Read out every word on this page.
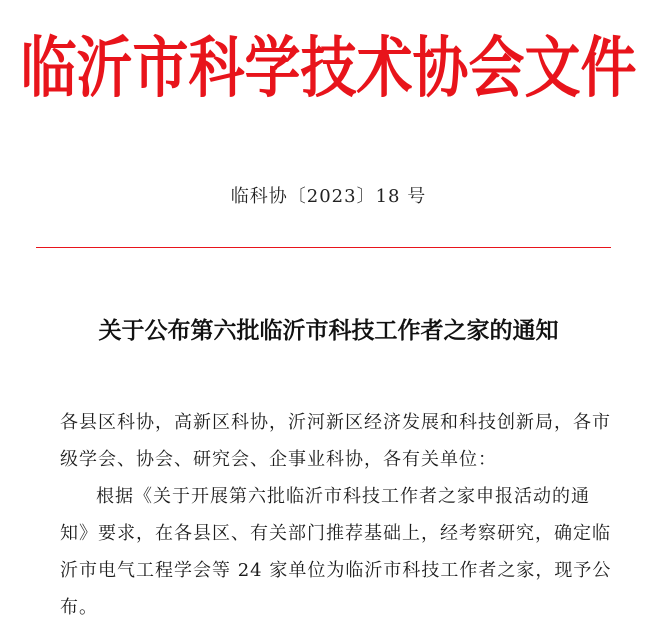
临沂市科学技术协会文件
临科协〔2023〕18 号
关于公布第六批临沂市科技工作者之家的通知

各县区科协，高新区科协，沂河新区经济发展和科技创新局，各市级学会、协会、研究会、企事业科协，各有关单位：

根据《关于开展第六批临沂市科技工作者之家申报活动的通知》要求，在各县区、有关部门推荐基础上，经考察研究，确定临沂市电气工程学会等 24 家单位为临沂市科技工作者之家，现予公布。
